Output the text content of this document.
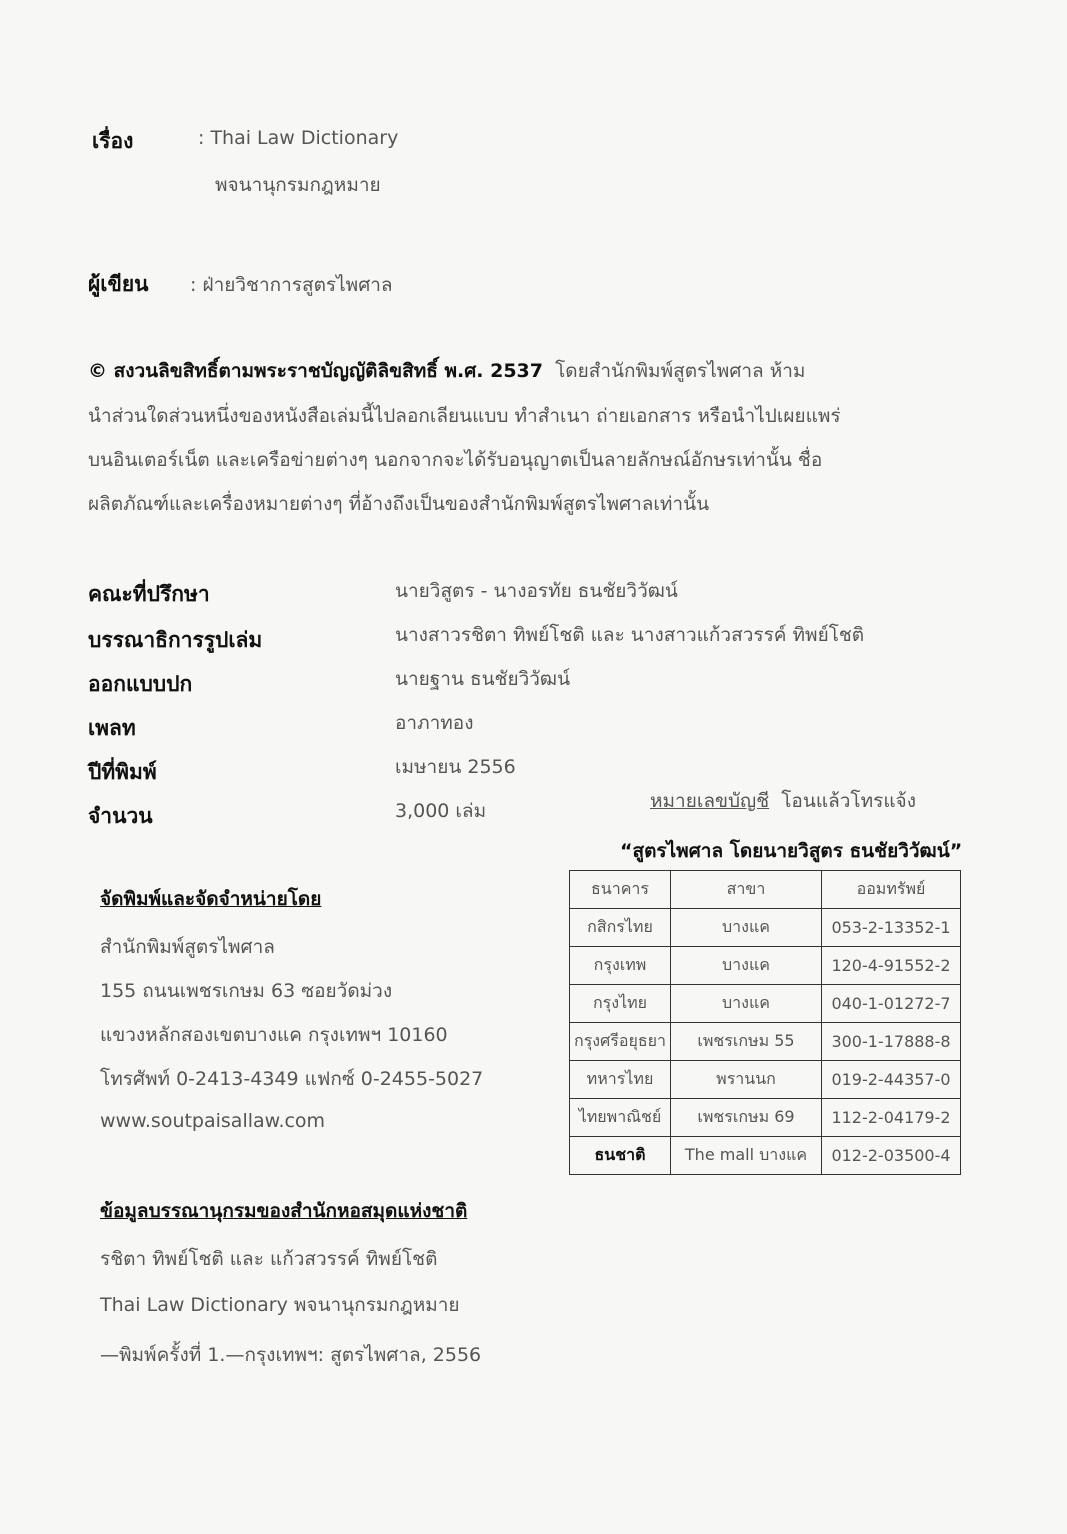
เรื่อง	: Thai Law Dictionary
พจนานุกรมกฎหมาย
ผู้เขียน : ฝ่ายวิชาการสูตรไพศาล
© สงวนลิขสิทธิ์ตามพระราชบัญญัติลิขสิทธิ์ พ.ศ. 2537 โดยสำนักพิมพ์สูตรไพศาล ห้าม
นำส่วนใดส่วนหนึ่งของหนังสือเล่มนี้ไปลอกเลียนแบบ ทำสำเนา ถ่ายเอกสาร หรือนำไปเผยแพร่
บนอินเตอร์เน็ต และเครือข่ายต่างๆ นอกจากจะได้รับอนุญาตเป็นลายลักษณ์อักษรเท่านั้น ชื่อ
ผลิตภัณฑ์และเครื่องหมายต่างๆ ที่อ้างถึงเป็นของสำนักพิมพ์สูตรไพศาลเท่านั้น
คณะที่ปรึกษา	นายวิสูตร - นางอรทัย ธนชัยวิวัฒน์
บรรณาธิการรูปเล่ม	นางสาวรชิตา ทิพย์โชติ และ นางสาวแก้วสวรรค์ ทิพย์โชติ
ออกแบบปก	นายฐาน ธนชัยวิวัฒน์
เพลท	อาภาทอง
ปีที่พิมพ์	เมษายน 2556
จำนวน	3,000 เล่ม	หมายเลขบัญชี โอนแล้วโทรแจ้ง
“สูตรไพศาล โดยนายวิสูตร ธนชัยวิวัฒน์”
ธนาคาร	สาขา	ออมทรัพย์
กสิกรไทย	บางแค	053-2-13352-1
กรุงเทพ	บางแค	120-4-91552-2
กรุงไทย	บางแค	040-1-01272-7
กรุงศรีอยุธยา	เพชรเกษม 55	300-1-17888-8
ทหารไทย	พรานนก	019-2-44357-0
ไทยพาณิชย์	เพชรเกษม 69	112-2-04179-2
ธนชาติ	The mall บางแค	012-2-03500-4
จัดพิมพ์และจัดจำหน่ายโดย
สำนักพิมพ์สูตรไพศาล
155 ถนนเพชรเกษม 63 ซอยวัดม่วง
แขวงหลักสองเขตบางแค กรุงเทพฯ 10160
โทรศัพท์ 0-2413-4349 แฟกซ์ 0-2455-5027
www.soutpaisallaw.com
ข้อมูลบรรณานุกรมของสำนักหอสมุดแห่งชาติ
รชิตา ทิพย์โชติ และ แก้วสวรรค์ ทิพย์โชติ
Thai Law Dictionary พจนานุกรมกฎหมาย
—พิมพ์ครั้งที่ 1.—กรุงเทพฯ: สูตรไพศาล, 2556
